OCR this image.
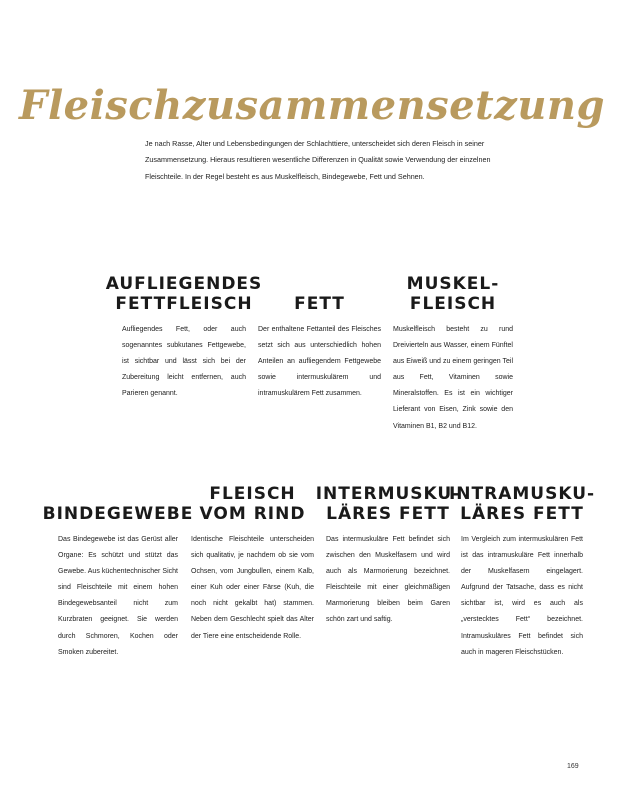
Fleischzusammensetzung
Je nach Rasse, Alter und Lebensbedingungen der Schlachttiere, unterscheidet sich deren Fleisch in seiner Zusammensetzung. Hieraus resultieren wesentliche Differenzen in Qualität sowie Verwendung der einzelnen Fleischteile. In der Regel besteht es aus Muskelfleisch, Bindegewebe, Fett und Sehnen.
AUFLIEGENDES FETTFLEISCH

Aufliegendes Fett, oder auch sogenanntes subkutanes Fettgewebe, ist sichtbar und lässt sich bei der Zubereitung leicht entfernen, auch Parieren genannt.

FETT

Der enthaltene Fettanteil des Fleisches setzt sich aus unterschiedlich hohen Anteilen an aufliegendem Fettgewebe sowie intermuskulärem und intramuskulärem Fett zusammen.

MUSKEL- FLEISCH

Muskelfleisch besteht zu rund Dreivierteln aus Wasser, einem Fünftel aus Eiweiß und zu einem geringen Teil aus Fett, Vitaminen sowie Mineralstoffen. Es ist ein wichtiger Lieferant von Eisen, Zink sowie den Vitaminen B1, B2 und B12.

BINDEGEWEBE

Das Bindegewebe ist das Gerüst aller Organe: Es schützt und stützt das Gewebe. Aus küchentechnischer Sicht sind Fleischteile mit einem hohen Bindegewebsanteil nicht zum Kurzbraten geeignet. Sie werden durch Schmoren, Kochen oder Smoken zubereitet.

FLEISCH VOM RIND

Identische Fleischteile unterscheiden sich qualitativ, je nachdem ob sie vom Ochsen, vom Jungbullen, einem Kalb, einer Kuh oder einer Färse (Kuh, die noch nicht gekalbt hat) stammen. Neben dem Geschlecht spielt das Alter der Tiere eine entscheidende Rolle.

INTERMUSKU- LÄRES FETT

Das intermuskuläre Fett befindet sich zwischen den Muskelfasern und wird auch als Marmorierung bezeichnet. Fleischteile mit einer gleichmäßigen Marmorierung bleiben beim Garen schön zart und saftig.

INTRAMUSKU- LÄRES FETT

Im Vergleich zum intermuskulären Fett ist das intramuskuläre Fett innerhalb der Muskelfasern eingelagert. Aufgrund der Tatsache, dass es nicht sichtbar ist, wird es auch als „verstecktes Fett“ bezeichnet. Intramuskuläres Fett befindet sich auch in mageren Fleischstücken.

169
